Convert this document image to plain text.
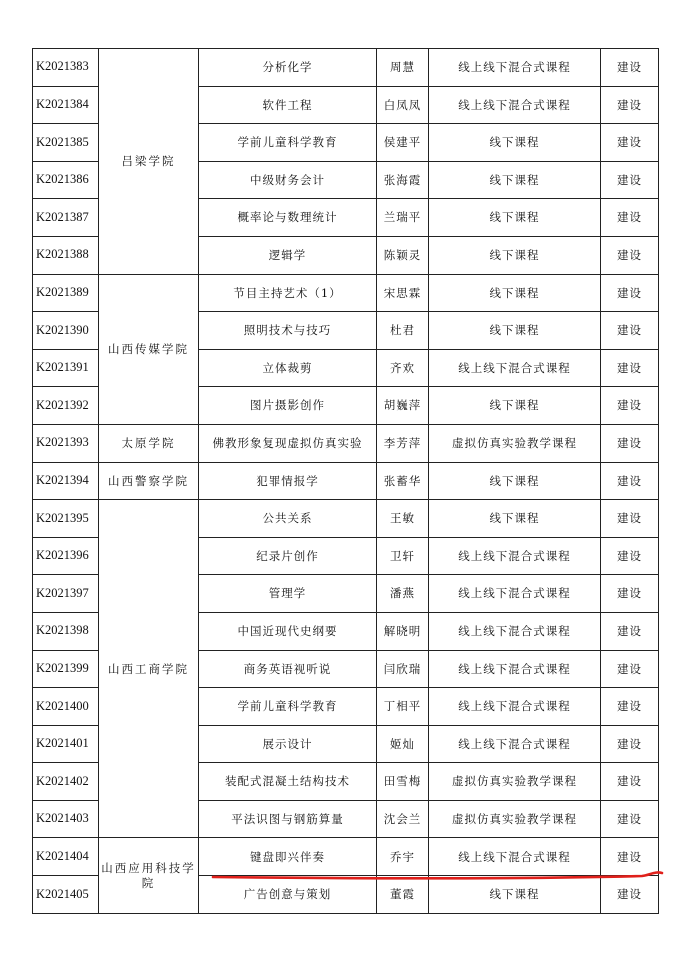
K2021383	吕梁学院	分析化学	周慧	线上线下混合式课程	建设
K2021384		软件工程	白凤凤	线上线下混合式课程	建设
K2021385		学前儿童科学教育	侯建平	线下课程	建设
K2021386		中级财务会计	张海霞	线下课程	建设
K2021387		概率论与数理统计	兰瑞平	线下课程	建设
K2021388		逻辑学	陈颖灵	线下课程	建设
K2021389	山西传媒学院	节目主持艺术（1）	宋思霖	线下课程	建设
K2021390		照明技术与技巧	杜君	线下课程	建设
K2021391		立体裁剪	齐欢	线上线下混合式课程	建设
K2021392		图片摄影创作	胡巍萍	线下课程	建设
K2021393	太原学院	佛教形象复现虚拟仿真实验	李芳萍	虚拟仿真实验教学课程	建设
K2021394	山西警察学院	犯罪情报学	张蓄华	线下课程	建设
K2021395	山西工商学院	公共关系	王敏	线下课程	建设
K2021396		纪录片创作	卫轩	线上线下混合式课程	建设
K2021397		管理学	潘燕	线上线下混合式课程	建设
K2021398		中国近现代史纲要	解晓明	线上线下混合式课程	建设
K2021399		商务英语视听说	闫欣瑞	线上线下混合式课程	建设
K2021400		学前儿童科学教育	丁相平	线上线下混合式课程	建设
K2021401		展示设计	姬灿	线上线下混合式课程	建设
K2021402		装配式混凝土结构技术	田雪梅	虚拟仿真实验教学课程	建设
K2021403		平法识图与钢筋算量	沈会兰	虚拟仿真实验教学课程	建设
K2021404	山西应用科技学院	键盘即兴伴奏	乔宇	线上线下混合式课程	建设
K2021405		广告创意与策划	董霞	线下课程	建设
